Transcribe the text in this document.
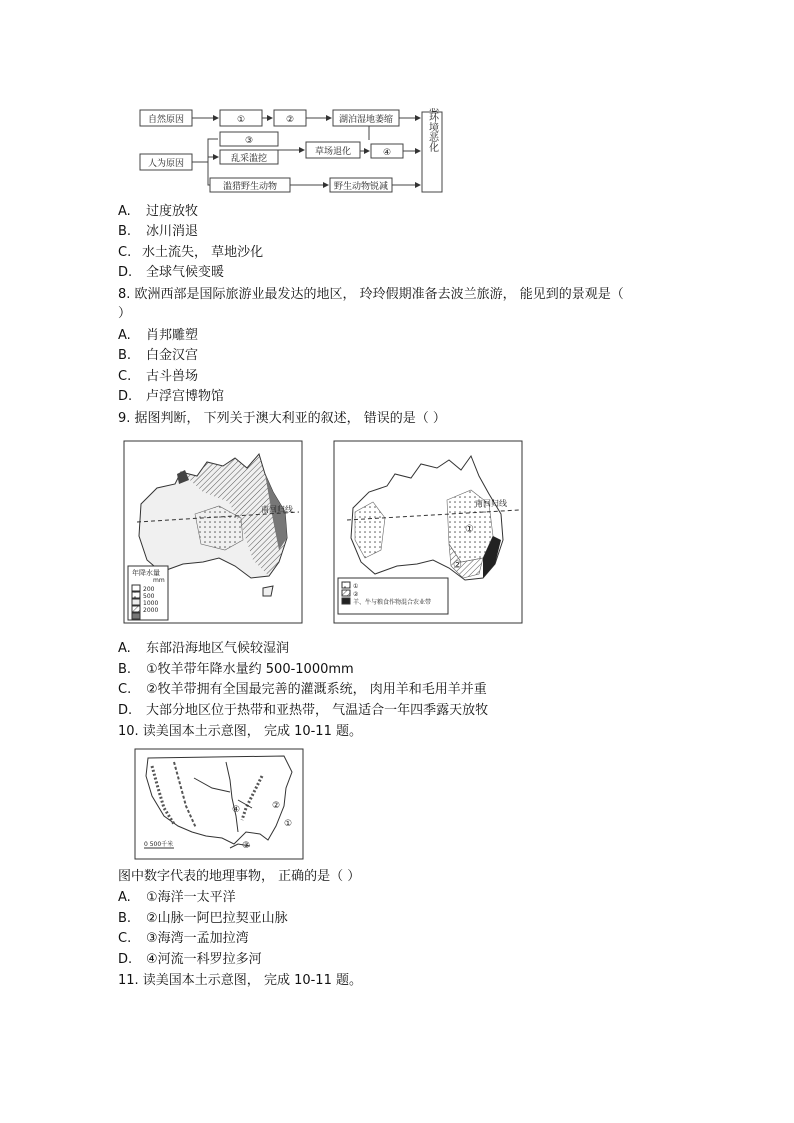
自然原因	①	②	湖泊湿地萎缩
人为原因
③
乱采滥挖
草场退化	④
滥猎野生动物	野生动物锐减
生态环境恶化
A. 过度放牧
B. 冰川消退
C. 水土流失， 草地沙化
D. 全球气候变暖
8. 欧洲西部是国际旅游业最发达的地区， 玲玲假期准备去波兰旅游， 能见到的景观是（
）
A. 肖邦雕塑
B. 白金汉宫
C. 古斗兽场
D. 卢浮宫博物馆
9. 据图判断， 下列关于澳大利亚的叙述， 错误的是（ ）
南回归线
年降水量
mm
200
500
1000
2000
南回归线
①
②
①
②
羊、牛与粮食作物混合农业带
A. 东部沿海地区气候较湿润
B. ①牧羊带年降水量约 500-1000mm
C. ②牧羊带拥有全国最完善的灌溉系统， 肉用羊和毛用羊并重
D. 大部分地区位于热带和亚热带， 气温适合一年四季露天放牧
10. 读美国本土示意图， 完成 10-11 题。
①
②
③
④
0 500千米
图中数字代表的地理事物， 正确的是（ ）
A. ①海洋一太平洋
B. ②山脉一阿巴拉契亚山脉
C. ③海湾一孟加拉湾
D. ④河流一科罗拉多河
11. 读美国本土示意图， 完成 10-11 题。
